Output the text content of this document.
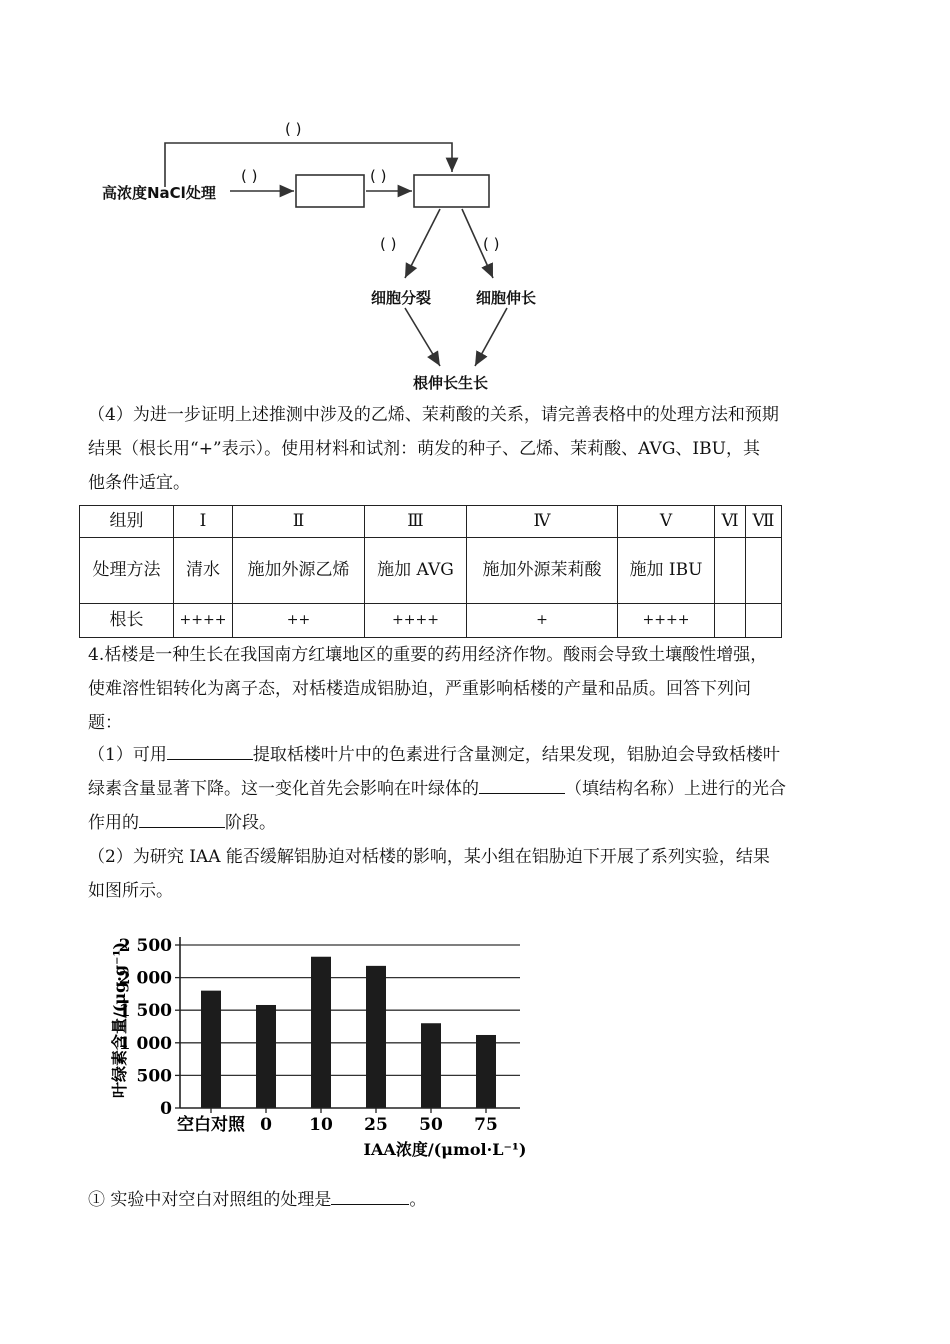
( )
高浓度NaCl处理
( )	( )
( )	( )
细胞分裂	细胞伸长
根伸长生长
（4）为进一步证明上述推测中涉及的乙烯、茉莉酸的关系，请完善表格中的处理方法和预期
结果（根长用“+”表示）。使用材料和试剂：萌发的种子、乙烯、茉莉酸、AVG、IBU，其
他条件适宜。
组别	Ⅰ	Ⅱ	Ⅲ	Ⅳ	Ⅴ	Ⅵ	Ⅶ
处理方法	清水	施加外源乙烯	施加 AVG	施加外源茉莉酸	施加 IBU		
根长	++++	++	++++	+	++++		
4.栝楼是一种生长在我国南方红壤地区的重要的药用经济作物。酸雨会导致土壤酸性增强，
使难溶性铝转化为离子态，对栝楼造成铝胁迫，严重影响栝楼的产量和品质。回答下列问
题：
（1）可用	提取栝楼叶片中的色素进行含量测定，结果发现，铝胁迫会导致栝楼叶
绿素含量显著下降。这一变化首先会影响在叶绿体的	（填结构名称）上进行的光合
作用的	阶段。
（2）为研究 IAA 能否缓解铝胁迫对栝楼的影响，某小组在铝胁迫下开展了系列实验，结果
如图所示。
0
500
1 000
1 500
2 000
2 500
空白对照 0 10 25 50 75
叶绿素含量/(μg·g⁻¹)
IAA浓度/(μmol·L⁻¹)
① 实验中对空白对照组的处理是	。
